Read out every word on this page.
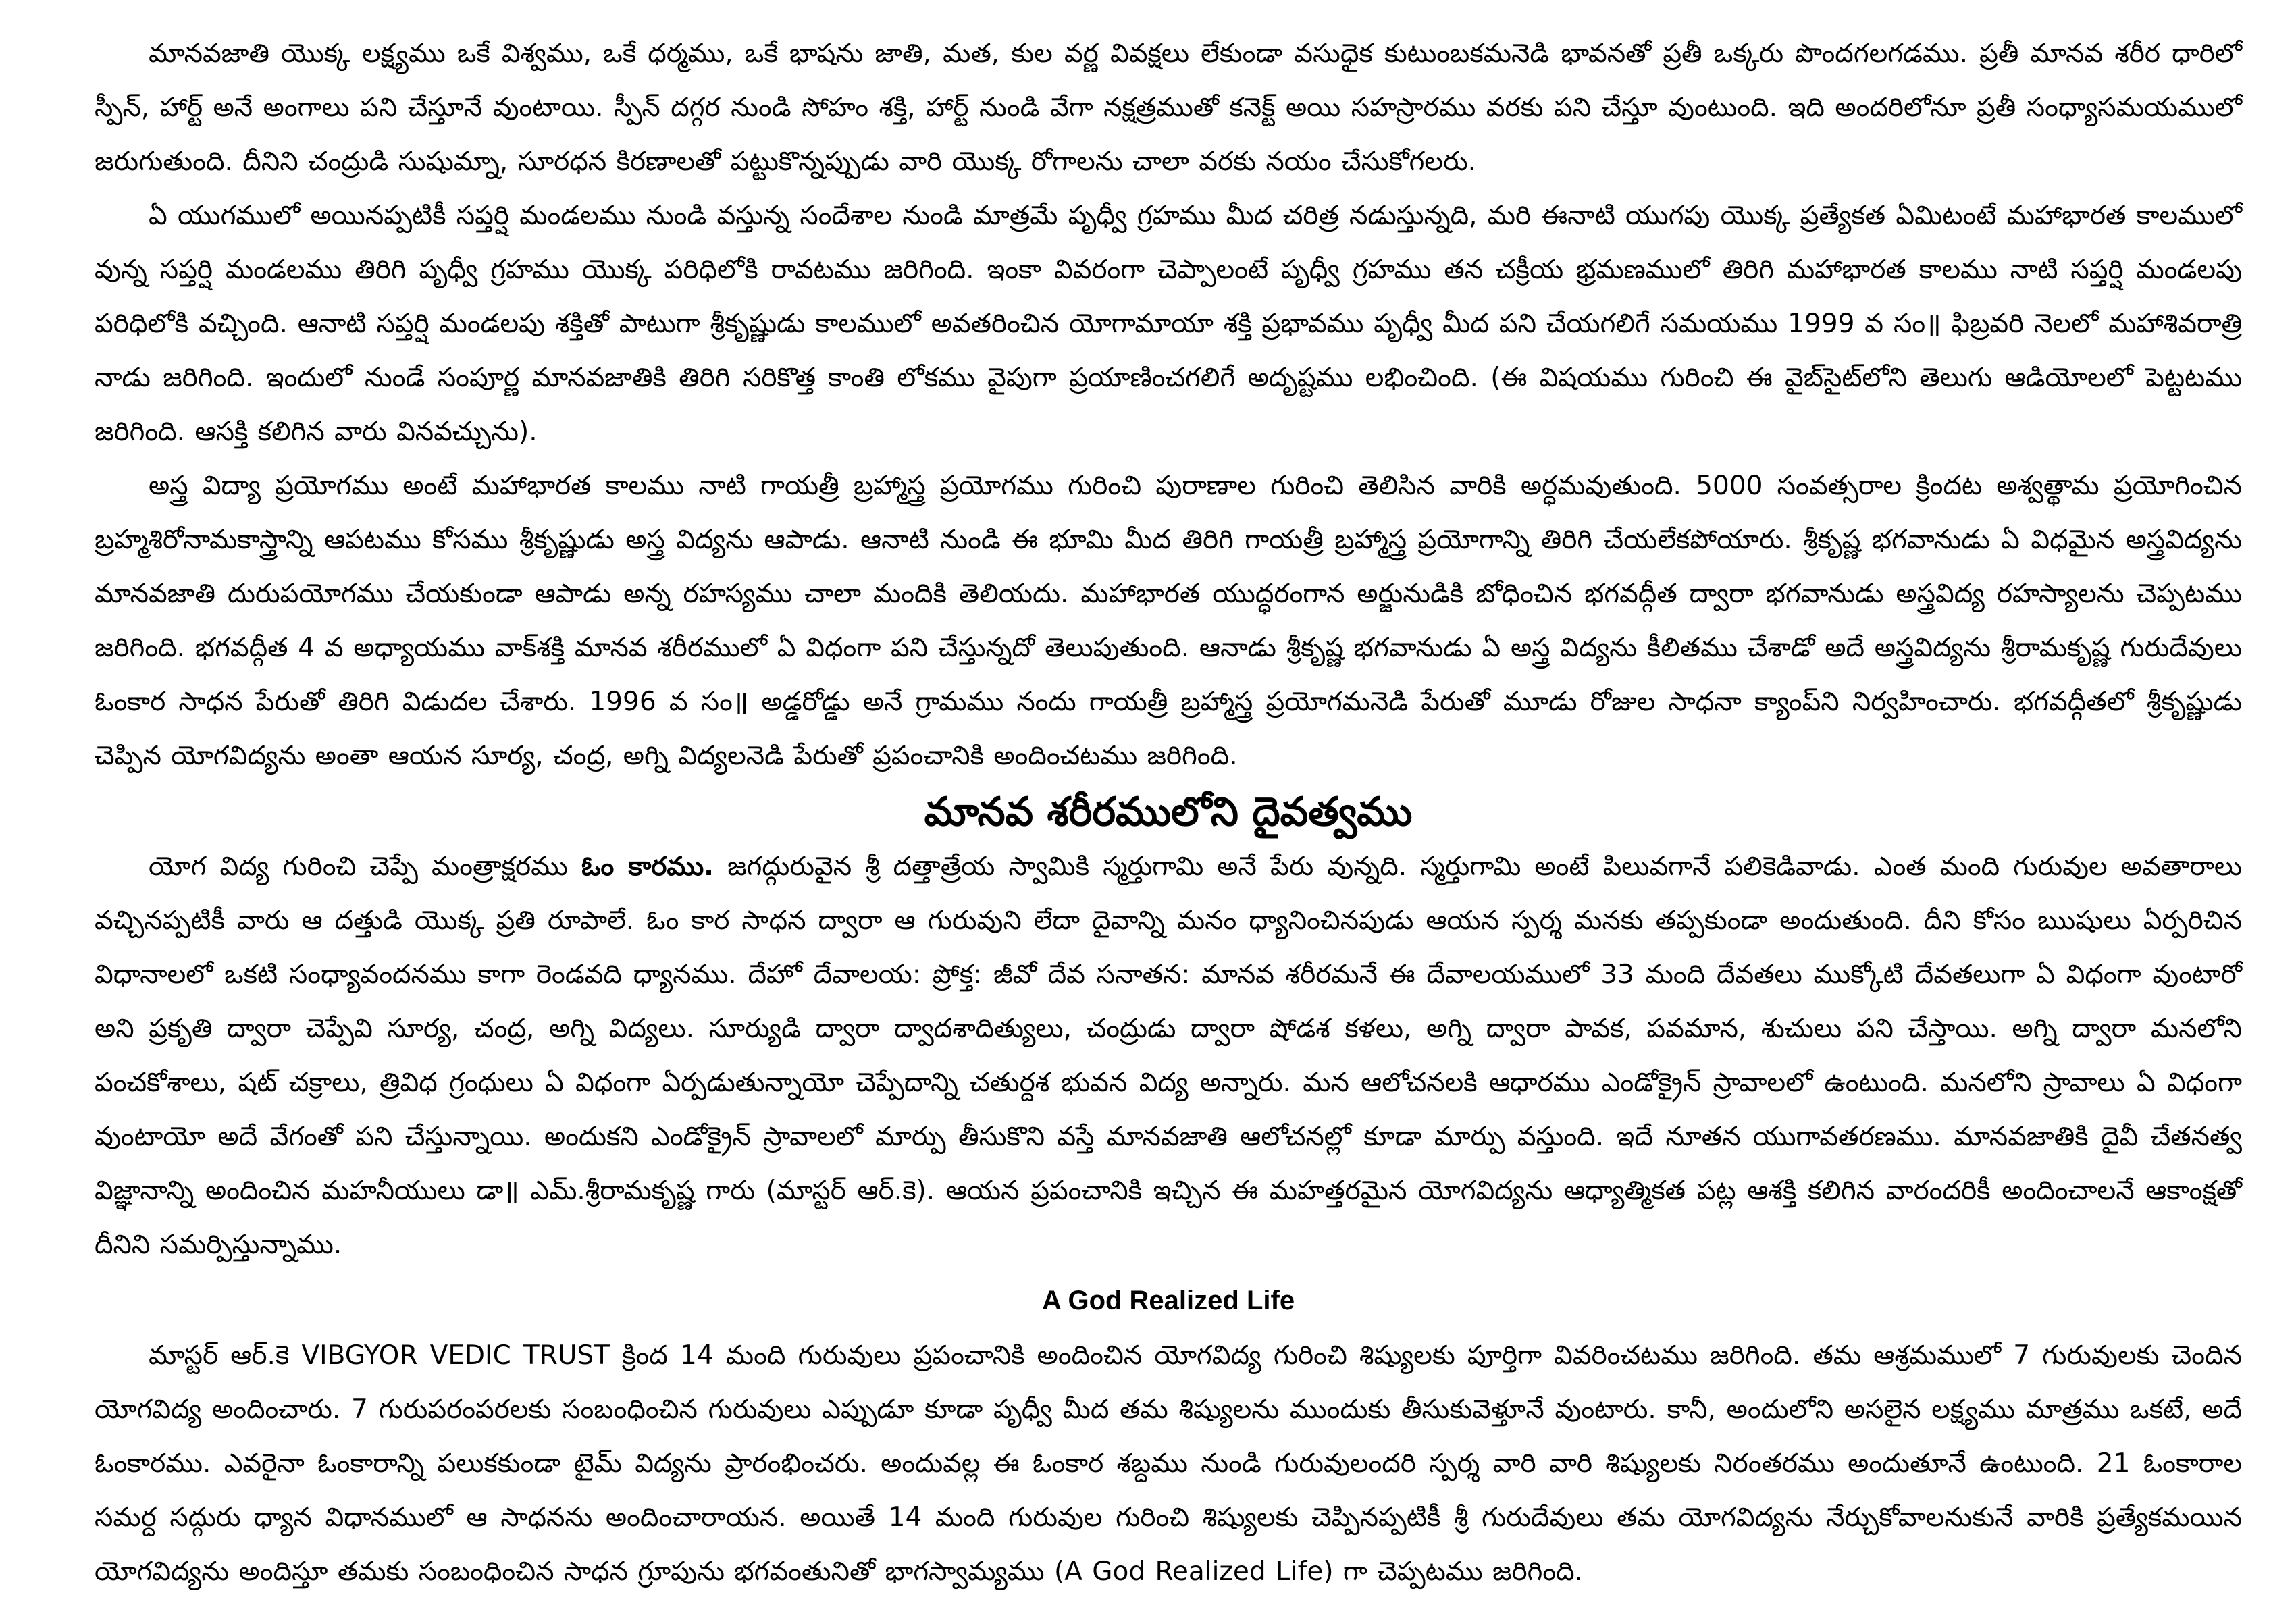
మానవజాతి యొక్క లక్ష్యము ఒకే విశ్వము, ఒకే ధర్మము, ఒకే భాషను జాతి, మత, కుల వర్ణ వివక్షలు లేకుండా వసుధైక కుటుంబకమనెడి భావనతో ప్రతీ ఒక్కరు పొందగలగడము. ప్రతీ మానవ శరీర ధారిలో స్పీన్, హార్ట్ అనే అంగాలు పని చేస్తూనే వుంటాయి. స్పీన్ దగ్గర నుండి సోహం శక్తి, హార్ట్ నుండి వేగా నక్షత్రముతో కనెక్ట్ అయి సహస్రారము వరకు పని చేస్తూ వుంటుంది. ఇది అందరిలోనూ ప్రతీ సంధ్యాసమయములో జరుగుతుంది. దీనిని చంద్రుడి సుషుమ్నా, సూరధన కిరణాలతో పట్టుకొన్నప్పుడు వారి యొక్క రోగాలను చాలా వరకు నయం చేసుకోగలరు.

ఏ యుగములో అయినప్పటికీ సప్తర్షి మండలము నుండి వస్తున్న సందేశాల నుండి మాత్రమే పృధ్వీ గ్రహము మీద చరిత్ర నడుస్తున్నది, మరి ఈనాటి యుగపు యొక్క ప్రత్యేకత ఏమిటంటే మహాభారత కాలములో వున్న సప్తర్షి మండలము తిరిగి పృధ్వీ గ్రహము యొక్క పరిధిలోకి రావటము జరిగింది. ఇంకా వివరంగా చెప్పాలంటే పృధ్వీ గ్రహము తన చక్రీయ భ్రమణములో తిరిగి మహాభారత కాలము నాటి సప్తర్షి మండలపు పరిధిలోకి వచ్చింది. ఆనాటి సప్తర్షి మండలపు శక్తితో పాటుగా శ్రీకృష్ణుడు కాలములో అవతరించిన యోగామాయా శక్తి ప్రభావము పృధ్వీ మీద పని చేయగలిగే సమయము 1999 వ సం॥ ఫిబ్రవరి నెలలో మహాశివరాత్రి నాడు జరిగింది. ఇందులో నుండే సంపూర్ణ మానవజాతికి తిరిగి సరికొత్త కాంతి లోకము వైపుగా ప్రయాణించగలిగే అదృష్టము లభించింది. (ఈ విషయము గురించి ఈ వైబ్‌సైట్‌లోని తెలుగు ఆడియోలలో పెట్టటము జరిగింది. ఆసక్తి కలిగిన వారు వినవచ్చును).

అస్త్ర విద్యా ప్రయోగము అంటే మహాభారత కాలము నాటి గాయత్రీ బ్రహ్మాస్త్ర ప్రయోగము గురించి పురాణాల గురించి తెలిసిన వారికి అర్ధమవుతుంది. 5000 సంవత్సరాల క్రిందట అశ్వత్థామ ప్రయోగించిన బ్రహ్మశిరోనామకాస్త్రాన్ని ఆపటము కోసము శ్రీకృష్ణుడు అస్త్ర విద్యను ఆపాడు. ఆనాటి నుండి ఈ భూమి మీద తిరిగి గాయత్రీ బ్రహ్మాస్త్ర ప్రయోగాన్ని తిరిగి చేయలేకపోయారు. శ్రీకృష్ణ భగవానుడు ఏ విధమైన అస్త్రవిద్యను మానవజాతి దురుపయోగము చేయకుండా ఆపాడు అన్న రహస్యము చాలా మందికి తెలియదు. మహాభారత యుద్ధరంగాన అర్జునుడికి బోధించిన భగవద్గీత ద్వారా భగవానుడు అస్త్రవిద్య రహస్యాలను చెప్పటము జరిగింది. భగవద్గీత 4 వ అధ్యాయము వాక్‌శక్తి మానవ శరీరములో ఏ విధంగా పని చేస్తున్నదో తెలుపుతుంది. ఆనాడు శ్రీకృష్ణ భగవానుడు ఏ అస్త్ర విద్యను కీలితము చేశాడో అదే అస్త్రవిద్యను శ్రీరామకృష్ణ గురుదేవులు ఓంకార సాధన పేరుతో తిరిగి విడుదల చేశారు. 1996 వ సం॥ అడ్డరోడ్డు అనే గ్రామము నందు గాయత్రీ బ్రహ్మాస్త్ర ప్రయోగమనెడి పేరుతో మూడు రోజుల సాధనా క్యాంప్‌ని నిర్వహించారు. భగవద్గీతలో శ్రీకృష్ణుడు చెప్పిన యోగవిద్యను అంతా ఆయన సూర్య, చంద్ర, అగ్ని విద్యలనెడి పేరుతో ప్రపంచానికి అందించటము జరిగింది.

మానవ శరీరములోని దైవత్వము

యోగ విద్య గురించి చెప్పే మంత్రాక్షరము ఓం కారము. జగద్గురువైన శ్రీ దత్తాత్రేయ స్వామికి స్మర్తుగామి అనే పేరు వున్నది. స్మర్తుగామి అంటే పిలువగానే పలికెడివాడు. ఎంత మంది గురువుల అవతారాలు వచ్చినప్పటికీ వారు ఆ దత్తుడి యొక్క ప్రతి రూపాలే. ఓం కార సాధన ద్వారా ఆ గురువుని లేదా దైవాన్ని మనం ధ్యానించినపుడు ఆయన స్పర్శ మనకు తప్పకుండా అందుతుంది. దీని కోసం ఋషులు ఏర్పరిచిన విధానాలలో ఒకటి సంధ్యావందనము కాగా రెండవది ధ్యానము. దేహో దేవాలయ: ప్రోక్త: జీవో దేవ సనాతన: మానవ శరీరమనే ఈ దేవాలయములో 33 మంది దేవతలు ముక్కోటి దేవతలుగా ఏ విధంగా వుంటారో అని ప్రకృతి ద్వారా చెప్పేవి సూర్య, చంద్ర, అగ్ని విద్యలు. సూర్యుడి ద్వారా ద్వాదశాదిత్యులు, చంద్రుడు ద్వారా షోడశ కళలు, అగ్ని ద్వారా పావక, పవమాన, శుచులు పని చేస్తాయి. అగ్ని ద్వారా మనలోని పంచకోశాలు, షట్ చక్రాలు, త్రివిధ గ్రంధులు ఏ విధంగా ఏర్పడుతున్నాయో చెప్పేదాన్ని చతుర్దశ భువన విద్య అన్నారు. మన ఆలోచనలకి ఆధారము ఎండోక్రైన్ స్రావాలలో ఉంటుంది. మనలోని స్రావాలు ఏ విధంగా వుంటాయో అదే వేగంతో పని చేస్తున్నాయి. అందుకని ఎండోక్రైన్ స్రావాలలో మార్పు తీసుకొని వస్తే మానవజాతి ఆలోచనల్లో కూడా మార్పు వస్తుంది. ఇదే నూతన యుగావతరణము. మానవజాతికి దైవీ చేతనత్వ విజ్ఞానాన్ని అందించిన మహనీయులు డా॥ ఎమ్.శ్రీరామకృష్ణ గారు (మాస్టర్ ఆర్.కె). ఆయన ప్రపంచానికి ఇచ్చిన ఈ మహత్తరమైన యోగవిద్యను ఆధ్యాత్మికత పట్ల ఆశక్తి కలిగిన వారందరికీ అందించాలనే ఆకాంక్షతో దీనిని సమర్పిస్తున్నాము.

A God Realized Life

మాస్టర్ ఆర్.కె VIBGYOR VEDIC TRUST క్రింద 14 మంది గురువులు ప్రపంచానికి అందించిన యోగవిద్య గురించి శిష్యులకు పూర్తిగా వివరించటము జరిగింది. తమ ఆశ్రమములో 7 గురువులకు చెందిన యోగవిద్య అందించారు. 7 గురుపరంపరలకు సంబంధించిన గురువులు ఎప్పుడూ కూడా పృధ్వీ మీద తమ శిష్యులను ముందుకు తీసుకువెళ్తూనే వుంటారు. కానీ, అందులోని అసలైన లక్ష్యము మాత్రము ఒకటే, అదే ఓంకారము. ఎవరైనా ఓంకారాన్ని పలుకకుండా టైమ్ విద్యను ప్రారంభించరు. అందువల్ల ఈ ఓంకార శబ్దము నుండి గురువులందరి స్పర్శ వారి వారి శిష్యులకు నిరంతరము అందుతూనే ఉంటుంది. 21 ఓంకారాల సమర్ద సద్గురు ధ్యాన విధానములో ఆ సాధనను అందించారాయన. అయితే 14 మంది గురువుల గురించి శిష్యులకు చెప్పినప్పటికీ శ్రీ గురుదేవులు తమ యోగవిద్యను నేర్చుకోవాలనుకునే వారికి ప్రత్యేకమయిన యోగవిద్యను అందిస్తూ తమకు సంబంధించిన సాధన గ్రూపును భగవంతునితో భాగస్వామ్యము (A God Realized Life) గా చెప్పటము జరిగింది.
